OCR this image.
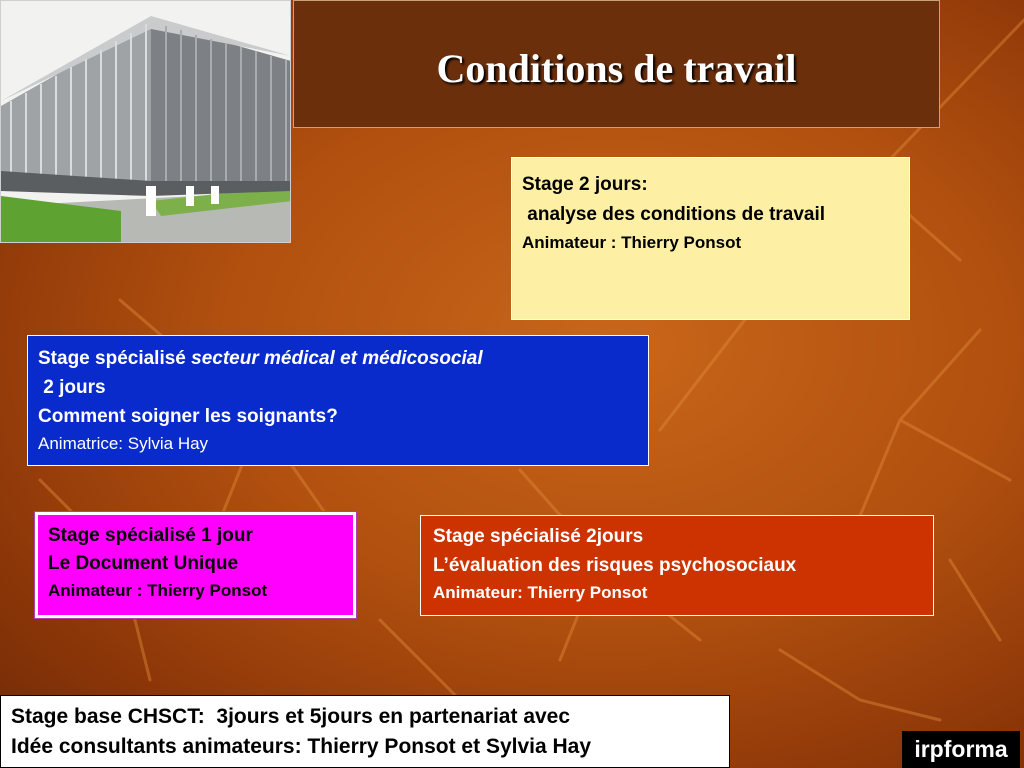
Conditions de travail
Stage 2 jours:
analyse des conditions de travail
Animateur : Thierry Ponsot
Stage spécialisé secteur médical et médicosocial
2 jours
Comment soigner les soignants?
Animatrice: Sylvia Hay
Stage spécialisé 1 jour
Le Document Unique
Animateur : Thierry Ponsot
Stage spécialisé 2jours
L’évaluation des risques psychosociaux
Animateur: Thierry Ponsot
Stage base CHSCT:  3jours et 5jours en partenariat avec
Idée consultants animateurs: Thierry Ponsot et Sylvia Hay	irpforma
